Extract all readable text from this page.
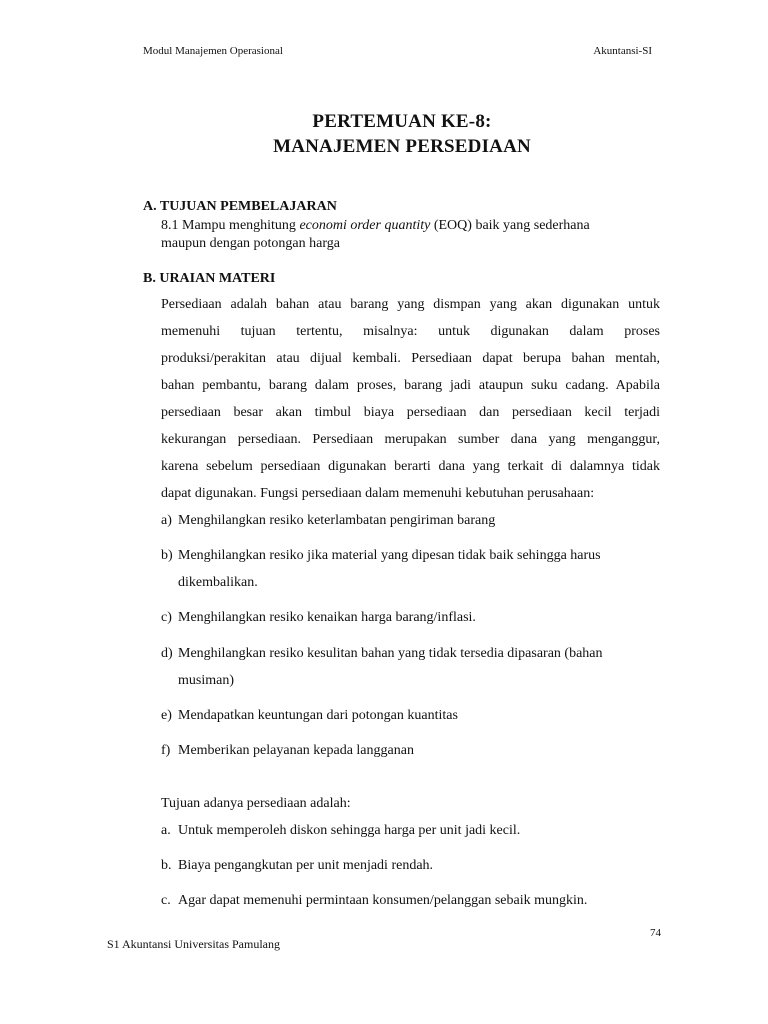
Modul Manajemen Operasional	Akuntansi-SI
PERTEMUAN KE-8:
MANAJEMEN PERSEDIAAN
A. TUJUAN PEMBELAJARAN
8.1 Mampu menghitung economi order quantity (EOQ) baik yang sederhana
maupun dengan potongan harga
B. URAIAN MATERI
Persediaan adalah bahan atau barang yang dismpan yang akan digunakan untuk
memenuhi tujuan tertentu, misalnya: untuk digunakan dalam proses
produksi/perakitan atau dijual kembali. Persediaan dapat berupa bahan mentah,
bahan pembantu, barang dalam proses, barang jadi ataupun suku cadang. Apabila
persediaan besar akan timbul biaya persediaan dan persediaan kecil terjadi
kekurangan persediaan. Persediaan merupakan sumber dana yang menganggur,
karena sebelum persediaan digunakan berarti dana yang terkait di dalamnya tidak
dapat digunakan. Fungsi persediaan dalam memenuhi kebutuhan perusahaan:
a) Menghilangkan resiko keterlambatan pengiriman barang
b) Menghilangkan resiko jika material yang dipesan tidak baik sehingga harus
dikembalikan.
c) Menghilangkan resiko kenaikan harga barang/inflasi.
d) Menghilangkan resiko kesulitan bahan yang tidak tersedia dipasaran (bahan
musiman)
e) Mendapatkan keuntungan dari potongan kuantitas
f) Memberikan pelayanan kepada langganan
Tujuan adanya persediaan adalah:
a. Untuk memperoleh diskon sehingga harga per unit jadi kecil.
b. Biaya pengangkutan per unit menjadi rendah.
c. Agar dapat memenuhi permintaan konsumen/pelanggan sebaik mungkin.
74
S1 Akuntansi Universitas Pamulang
